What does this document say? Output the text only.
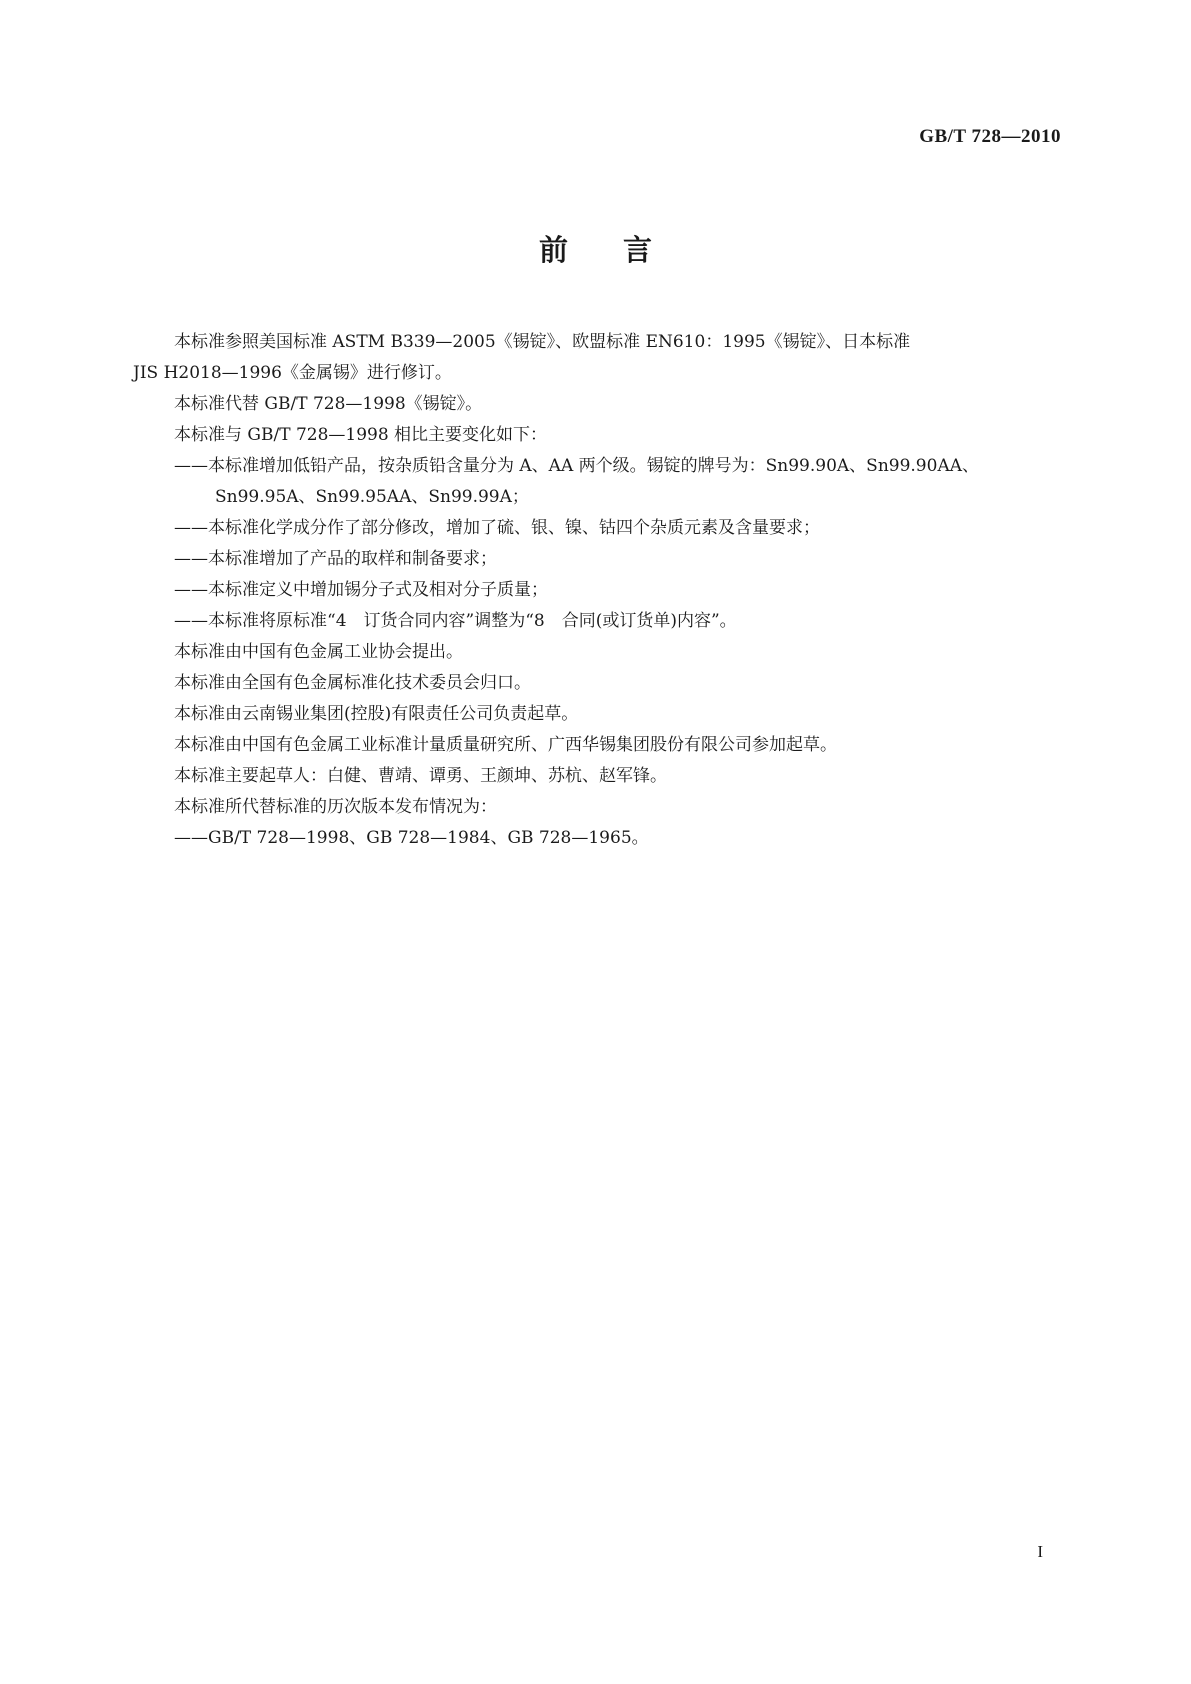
GB/T 728—2010
前言

本标准参照美国标准 ASTM B339—2005《锡锭》、欧盟标准 EN610：1995《锡锭》、日本标准
JIS H2018—1996《金属锡》进行修订。

本标准代替 GB/T 728—1998《锡锭》。

本标准与 GB/T 728—1998 相比主要变化如下：

——本标准增加低铅产品，按杂质铅含量分为 A、AA 两个级。锡锭的牌号为：Sn99.90A、Sn99.90AA、
Sn99.95A、Sn99.95AA、Sn99.99A；

——本标准化学成分作了部分修改，增加了硫、银、镍、钴四个杂质元素及含量要求；

——本标准增加了产品的取样和制备要求；

——本标准定义中增加锡分子式及相对分子质量；

——本标准将原标准“4　订货合同内容”调整为“8　合同(或订货单)内容”。

本标准由中国有色金属工业协会提出。

本标准由全国有色金属标准化技术委员会归口。

本标准由云南锡业集团(控股)有限责任公司负责起草。

本标准由中国有色金属工业标准计量质量研究所、广西华锡集团股份有限公司参加起草。

本标准主要起草人：白健、曹靖、谭勇、王颜坤、苏杭、赵军锋。

本标准所代替标准的历次版本发布情况为：

——GB/T 728—1998、GB 728—1984、GB 728—1965。

I
